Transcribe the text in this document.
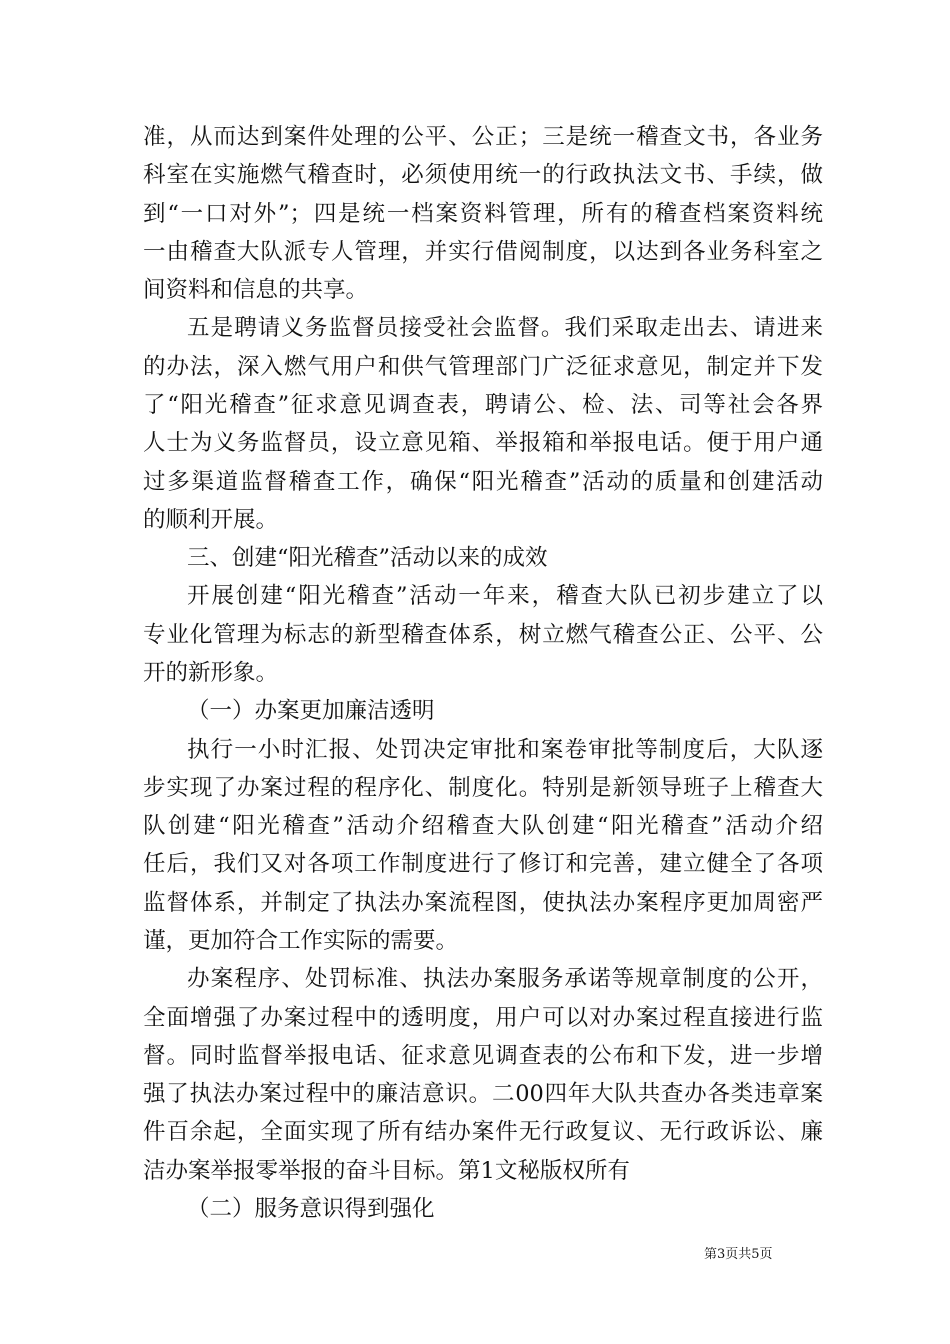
准，从而达到案件处理的公平、公正；三是统一稽查文书，各业务
科室在实施燃气稽查时，必须使用统一的行政执法文书、手续，做
到“一口对外”；四是统一档案资料管理，所有的稽查档案资料统
一由稽查大队派专人管理，并实行借阅制度，以达到各业务科室之
间资料和信息的共享。
五是聘请义务监督员接受社会监督。我们采取走出去、请进来
的办法，深入燃气用户和供气管理部门广泛征求意见，制定并下发
了“阳光稽查”征求意见调查表，聘请公、检、法、司等社会各界
人士为义务监督员，设立意见箱、举报箱和举报电话。便于用户通
过多渠道监督稽查工作，确保“阳光稽查”活动的质量和创建活动
的顺利开展。
三、创建“阳光稽查”活动以来的成效
开展创建“阳光稽查”活动一年来，稽查大队已初步建立了以
专业化管理为标志的新型稽查体系，树立燃气稽查公正、公平、公
开的新形象。
（一）办案更加廉洁透明
执行一小时汇报、处罚决定审批和案卷审批等制度后，大队逐
步实现了办案过程的程序化、制度化。特别是新领导班子上稽查大
队创建“阳光稽查”活动介绍稽查大队创建“阳光稽查”活动介绍
任后，我们又对各项工作制度进行了修订和完善，建立健全了各项
监督体系，并制定了执法办案流程图，使执法办案程序更加周密严
谨，更加符合工作实际的需要。
办案程序、处罚标准、执法办案服务承诺等规章制度的公开，
全面增强了办案过程中的透明度，用户可以对办案过程直接进行监
督。同时监督举报电话、征求意见调查表的公布和下发，进一步增
强了执法办案过程中的廉洁意识。二00四年大队共查办各类违章案
件百余起，全面实现了所有结办案件无行政复议、无行政诉讼、廉
洁办案举报零举报的奋斗目标。第1文秘版权所有
（二）服务意识得到强化
第3页共5页
